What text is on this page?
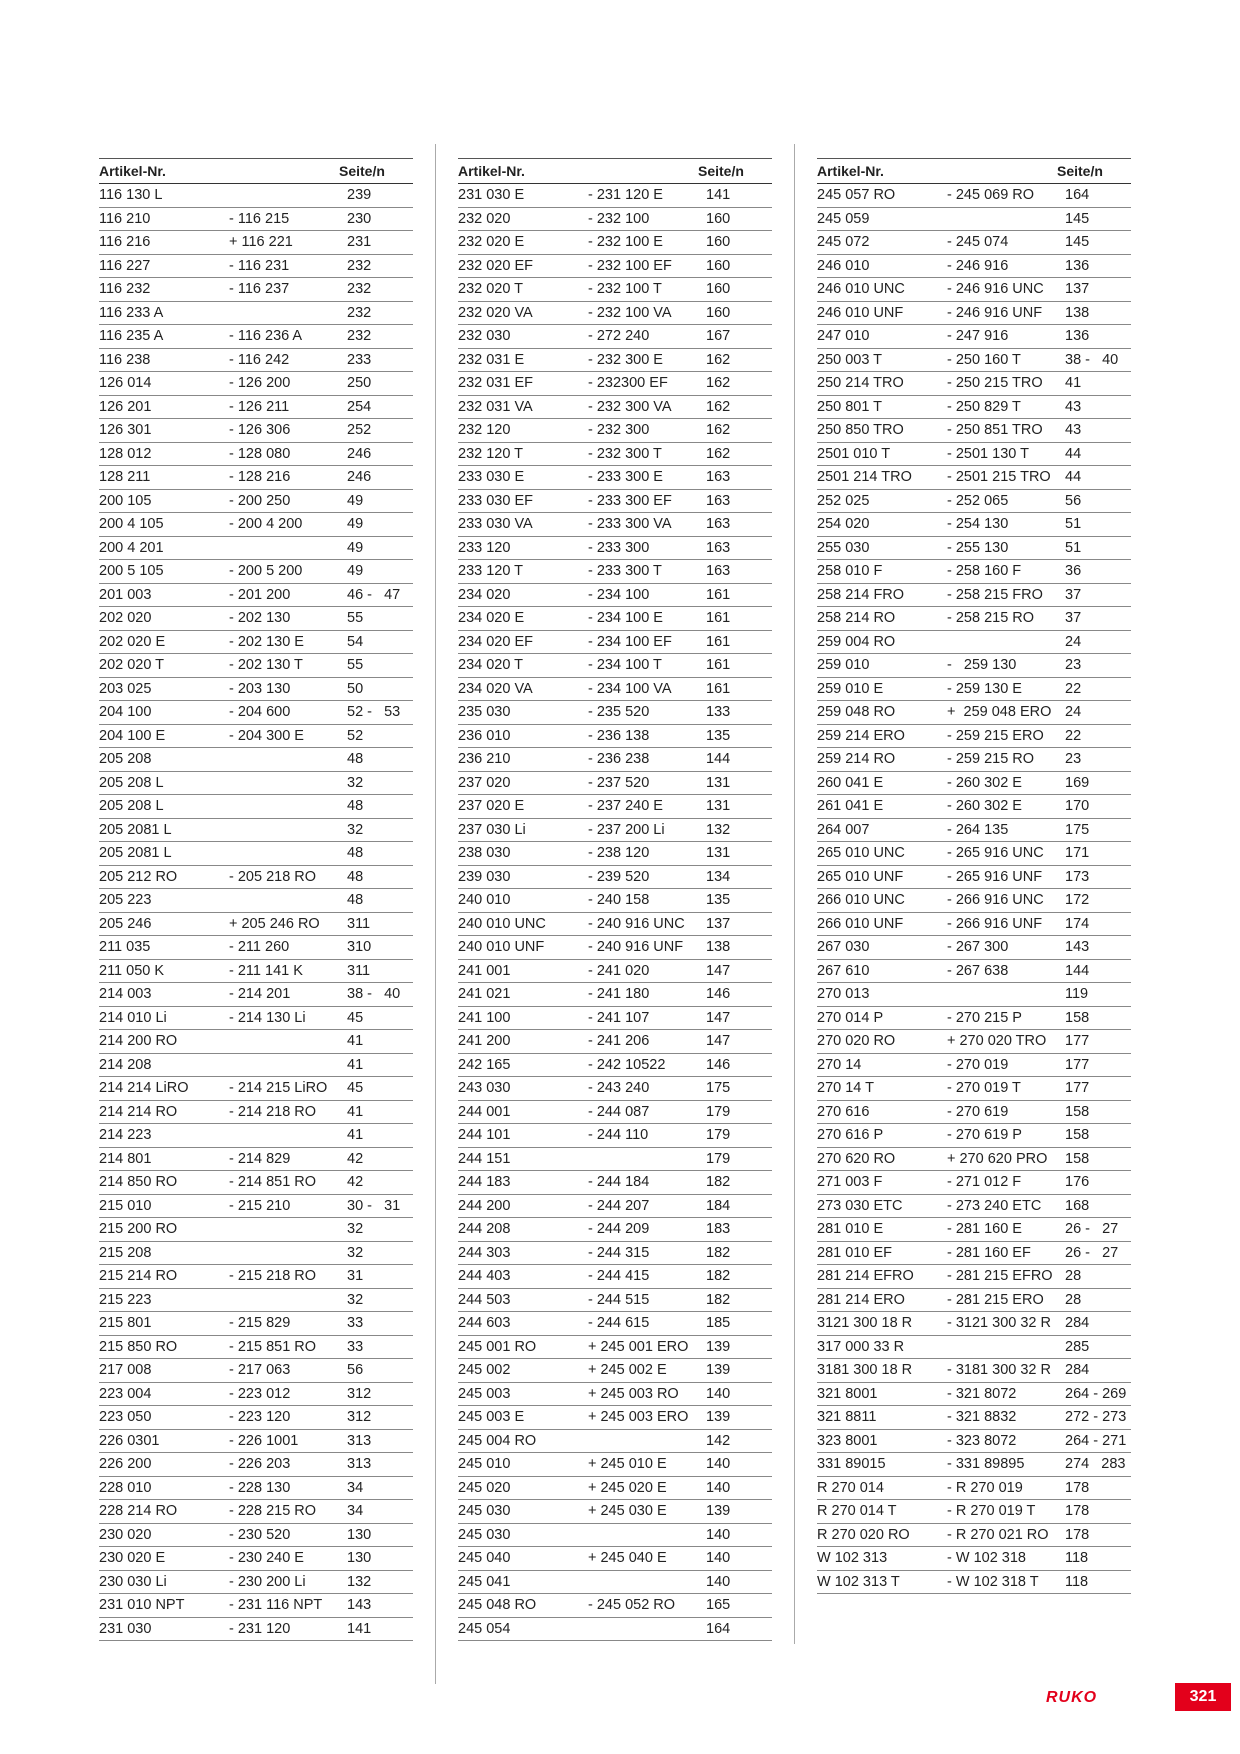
Artikel-Nr.	Seite/n
116 130 L	239
116 210	- 116 215	230
116 216	+ 116 221	231
116 227	- 116 231	232
116 232	- 116 237	232
116 233 A	232
116 235 A	- 116 236 A	232
116 238	- 116 242	233
126 014	- 126 200	250
126 201	- 126 211	254
126 301	- 126 306	252
128 012	- 128 080	246
128 211	- 128 216	246
200 105	- 200 250	49
200 4 105	- 200 4 200	49
200 4 201	49
200 5 105	- 200 5 200	49
201 003	- 201 200	46 -   47
202 020	- 202 130	55
202 020 E	- 202 130 E	54
202 020 T	- 202 130 T	55
203 025	- 203 130	50
204 100	- 204 600	52 -   53
204 100 E	- 204 300 E	52
205 208	48
205 208 L	32
205 208 L	48
205 2081 L	32
205 2081 L	48
205 212 RO	- 205 218 RO 48
205 223	48
205 246	+ 205 246 RO 311
211 035	- 211 260	310
211 050 K	- 211 141 K	311
214 003	- 214 201	38 -   40
214 010 Li	- 214 130 Li	45
214 200 RO	41
214 208	41
214 214 LiRO	- 214 215 LiRO 45
214 214 RO	- 214 218 RO 41
214 223	41
214 801	- 214 829	42
214 850 RO	- 214 851 RO 42
215 010	- 215 210	30 -   31
215 200 RO	32
215 208	32
215 214 RO	- 215 218 RO 31
215 223	32
215 801	- 215 829	33
215 850 RO	- 215 851 RO 33
217 008	- 217 063	56
223 004	- 223 012	312
223 050	- 223 120	312
226 0301	- 226 1001	313
226 200	- 226 203	313
228 010	- 228 130	34
228 214 RO	- 228 215 RO 34
230 020	- 230 520	130
230 020 E	- 230 240 E	130
230 030 Li	- 230 200 Li	132
231 010 NPT	- 231 116 NPT 143
231 030	- 231 120	141
Artikel-Nr.	Seite/n
231 030 E	- 231 120 E	141
232 020	- 232 100	160
232 020 E	- 232 100 E	160
232 020 EF	- 232 100 EF 160
232 020 T	- 232 100 T	160
232 020 VA	- 232 100 VA 160
232 030	- 272 240	167
232 031 E	- 232 300 E	162
232 031 EF	- 232300 EF	162
232 031 VA	- 232 300 VA 162
232 120	- 232 300	162
232 120 T	- 232 300 T	162
233 030 E	- 233 300 E	163
233 030 EF	- 233 300 EF 163
233 030 VA	- 233 300 VA 163
233 120	- 233 300	163
233 120 T	- 233 300 T	163
234 020	- 234 100	161
234 020 E	- 234 100 E	161
234 020 EF	- 234 100 EF 161
234 020 T	- 234 100 T	161
234 020 VA	- 234 100 VA 161
235 030	- 235 520	133
236 010	- 236 138	135
236 210	- 236 238	144
237 020	- 237 520	131
237 020 E	- 237 240 E	131
237 030 Li	- 237 200 Li	132
238 030	- 238 120	131
239 030	- 239 520	134
240 010	- 240 158	135
240 010 UNC	- 240 916 UNC 137
240 010 UNF	- 240 916 UNF 138
241 001	- 241 020	147
241 021	- 241 180	146
241 100	- 241 107	147
241 200	- 241 206	147
242 165	- 242 10522	146
243 030	- 243 240	175
244 001	- 244 087	179
244 101	- 244 110	179
244 151	179
244 183	- 244 184	182
244 200	- 244 207	184
244 208	- 244 209	183
244 303	- 244 315	182
244 403	- 244 415	182
244 503	- 244 515	182
244 603	- 244 615	185
245 001 RO	+ 245 001 ERO 139
245 002	+ 245 002 E	139
245 003	+ 245 003 RO 140
245 003 E	+ 245 003 ERO 139
245 004 RO	142
245 010	+ 245 010 E	140
245 020	+ 245 020 E	140
245 030	+ 245 030 E	139
245 030	140
245 040	+ 245 040 E	140
245 041	140
245 048 RO	- 245 052 RO 165
245 054	164
Artikel-Nr.	Seite/n
245 057 RO	- 245 069 RO 164
245 059	145
245 072	- 245 074	145
246 010	- 246 916	136
246 010 UNC	- 246 916 UNC 137
246 010 UNF	- 246 916 UNF 138
247 010	- 247 916	136
250 003 T	- 250 160 T	38 -   40
250 214 TRO	- 250 215 TRO 41
250 801 T	- 250 829 T	43
250 850 TRO	- 250 851 TRO 43
2501 010 T	- 2501 130 T 44
2501 214 TRO - 2501 215 TRO 44
252 025	- 252 065	56
254 020	- 254 130	51
255 030	- 255 130	51
258 010 F	- 258 160 F	36
258 214 FRO	- 258 215 FRO 37
258 214 RO	- 258 215 RO 37
259 004 RO	24
259 010	-   259 130	23
259 010 E	- 259 130 E	22
259 048 RO	+  259 048 ERO 24
259 214 ERO	- 259 215 ERO 22
259 214 RO	- 259 215 RO 23
260 041 E	- 260 302 E	169
261 041 E	- 260 302 E	170
264 007	- 264 135	175
265 010 UNC	- 265 916 UNC 171
265 010 UNF	- 265 916 UNF 173
266 010 UNC	- 266 916 UNC 172
266 010 UNF	- 266 916 UNF 174
267 030	- 267 300	143
267 610	- 267 638	144
270 013	119
270 014 P	- 270 215 P	158
270 020 RO	+ 270 020 TRO 177
270 14	- 270 019	177
270 14 T	- 270 019 T	177
270 616	- 270 619	158
270 616 P	- 270 619 P	158
270 620 RO	+ 270 620 PRO 158
271 003 F	- 271 012 F	176
273 030 ETC	- 273 240 ETC 168
281 010 E	- 281 160 E	26 -   27
281 010 EF	- 281 160 EF 26 -   27
281 214 EFRO - 281 215 EFRO 28
281 214 ERO	- 281 215 ERO 28
3121 300 18 R - 3121 300 32 R 284
317 000 33 R	285
3181 300 18 R - 3181 300 32 R 284
321 8001	- 321 8072	264 - 269
321 8811	- 321 8832	272 - 273
323 8001	- 323 8072	264 - 271
331 89015	- 331 89895	274   283
R 270 014	- R 270 019	178
R 270 014 T	- R 270 019 T 178
R 270 020 RO	- R 270 021 RO 178
W 102 313	- W 102 318	118
W 102 313 T	- W 102 318 T 118
RUKO	321
